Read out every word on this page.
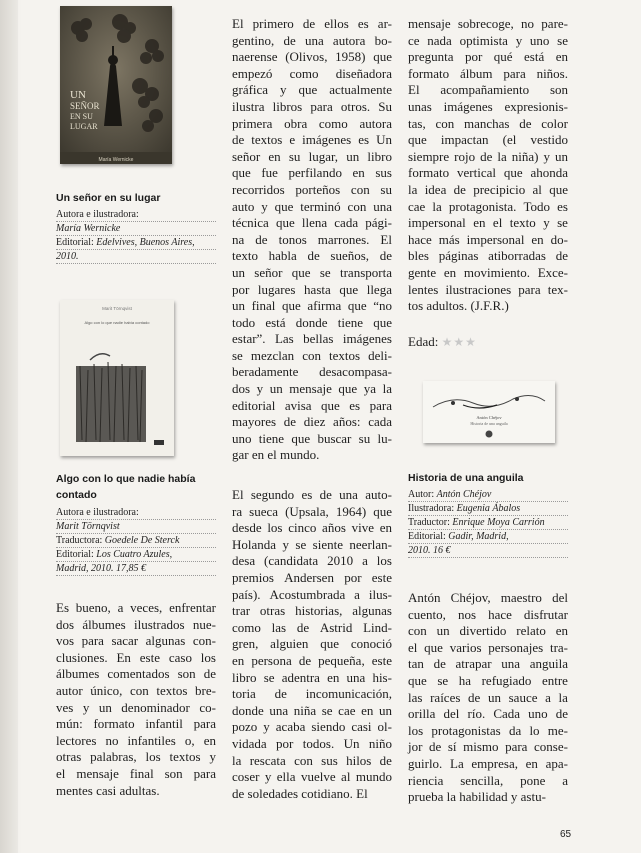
UN
SEÑOR
EN SU
LUGAR
María Wernicke
Un señor en su lugar
Autora e ilustradora:
María Wernicke
Editorial: Edelvives, Buenos Aires,
2010.
Marit Törnqvist
Algo con lo que nadie había contado
Algo con lo que nadie había
contado
Autora e ilustradora:
Marit Törnqvist
Traductora: Goedele De Sterck
Editorial: Los Cuatro Azules,
Madrid, 2010. 17,85 €
Es bueno, a veces, enfrentar
dos álbumes ilustrados nue-
vos para sacar algunas con-
clusiones. En este caso los
álbumes comentados son de
autor único, con textos bre-
ves y un denominador co-
mún: formato infantil para
lectores no infantiles o, en
otras palabras, los textos y
el mensaje final son para
mentes casi adultas.
El primero de ellos es ar-
gentino, de una autora bo-
naerense (Olivos, 1958) que
empezó como diseñadora
gráfica y que actualmente
ilustra libros para otros. Su
primera obra como autora
de textos e imágenes es Un
señor en su lugar, un libro
que fue perfilando en sus
recorridos porteños con su
auto y que terminó con una
técnica que llena cada pági-
na de tonos marrones. El
texto habla de sueños, de
un señor que se transporta
por lugares hasta que llega
un final que afirma que “no
todo está donde tiene que
estar”. Las bellas imágenes
se mezclan con textos deli-
beradamente desacompasa-
dos y un mensaje que ya la
editorial avisa que es para
mayores de diez años: cada
uno tiene que buscar su lu-
gar en el mundo.
El segundo es de una auto-
ra sueca (Upsala, 1964) que
desde los cinco años vive en
Holanda y se siente neerlan-
desa (candidata 2010 a los
premios Andersen por este
país). Acostumbrada a ilus-
trar otras historias, algunas
como las de Astrid Lind-
gren, alguien que conoció
en persona de pequeña, este
libro se adentra en una his-
toria de incomunicación,
donde una niña se cae en un
pozo y acaba siendo casi ol-
vidada por todos. Un niño
la rescata con sus hilos de
coser y ella vuelve al mundo
de soledades cotidiano. El
mensaje sobrecoge, no pare-
ce nada optimista y uno se
pregunta por qué está en
formato álbum para niños.
El acompañamiento son
unas imágenes expresionis-
tas, con manchas de color
que impactan (el vestido
siempre rojo de la niña) y un
formato vertical que ahonda
la idea de precipicio al que
cae la protagonista. Todo es
impersonal en el texto y se
hace más impersonal en do-
bles páginas atiborradas de
gente en movimiento. Exce-
lentes ilustraciones para tex-
tos adultos. (J.F.R.)
Edad: ★★★
Antón Chéjov
Historia de una anguila
Historia de una anguila
Autor: Antón Chéjov
Ilustradora: Eugenia Ábalos
Traductor: Enrique Moya Carrión
Editorial: Gadir, Madrid,
2010. 16 €
Antón Chéjov, maestro del
cuento, nos hace disfrutar
con un divertido relato en
el que varios personajes tra-
tan de atrapar una anguila
que se ha refugiado entre
las raíces de un sauce a la
orilla del río. Cada uno de
los protagonistas da lo me-
jor de sí mismo para conse-
guirlo. La empresa, en apa-
riencia sencilla, pone a
prueba la habilidad y astu-
65
